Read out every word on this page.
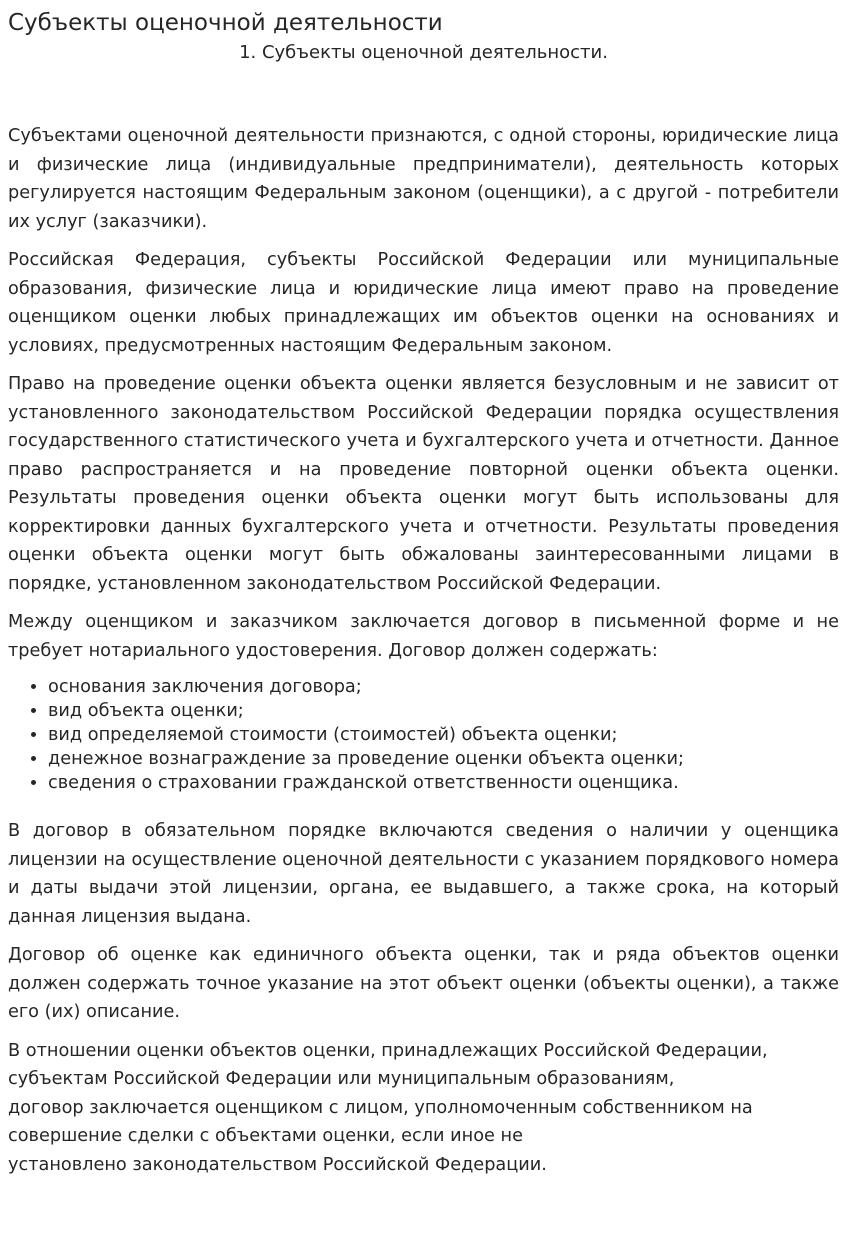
Субъекты оценочной деятельности
1. Субъекты оценочной деятельности.

Субъектами оценочной деятельности признаются, с одной стороны, юридические лица и физические лица (индивидуальные предприниматели), деятельность которых регулируется настоящим Федеральным законом (оценщики), а с другой - потребители их услуг (заказчики).

Российская Федерация, субъекты Российской Федерации или муниципальные образования, физические лица и юридические лица имеют право на проведение оценщиком оценки любых принадлежащих им объектов оценки на основаниях и условиях, предусмотренных настоящим Федеральным законом.

Право на проведение оценки объекта оценки является безусловным и не зависит от установленного законодательством Российской Федерации порядка осуществления государственного статистического учета и бухгалтерского учета и отчетности. Данное право распространяется и на проведение повторной оценки объекта оценки. Результаты проведения оценки объекта оценки могут быть использованы для корректировки данных бухгалтерского учета и отчетности. Результаты проведения оценки объекта оценки могут быть обжалованы заинтересованными лицами в порядке, установленном законодательством Российской Федерации.

Между оценщиком и заказчиком заключается договор в письменной форме и не требует нотариального удостоверения. Договор должен содержать:

• основания заключения договора;
• вид объекта оценки;
• вид определяемой стоимости (стоимостей) объекта оценки;
• денежное вознаграждение за проведение оценки объекта оценки;
• сведения о страховании гражданской ответственности оценщика.

В договор в обязательном порядке включаются сведения о наличии у оценщика лицензии на осуществление оценочной деятельности с указанием порядкового номера и даты выдачи этой лицензии, органа, ее выдавшего, а также срока, на который данная лицензия выдана.

Договор об оценке как единичного объекта оценки, так и ряда объектов оценки должен содержать точное указание на этот объект оценки (объекты оценки), а также его (их) описание.

В отношении оценки объектов оценки, принадлежащих Российской Федерации,
субъектам Российской Федерации или муниципальным образованиям,
договор заключается оценщиком с лицом, уполномоченным собственником на
совершение сделки с объектами оценки, если иное не
установлено законодательством Российской Федерации.
